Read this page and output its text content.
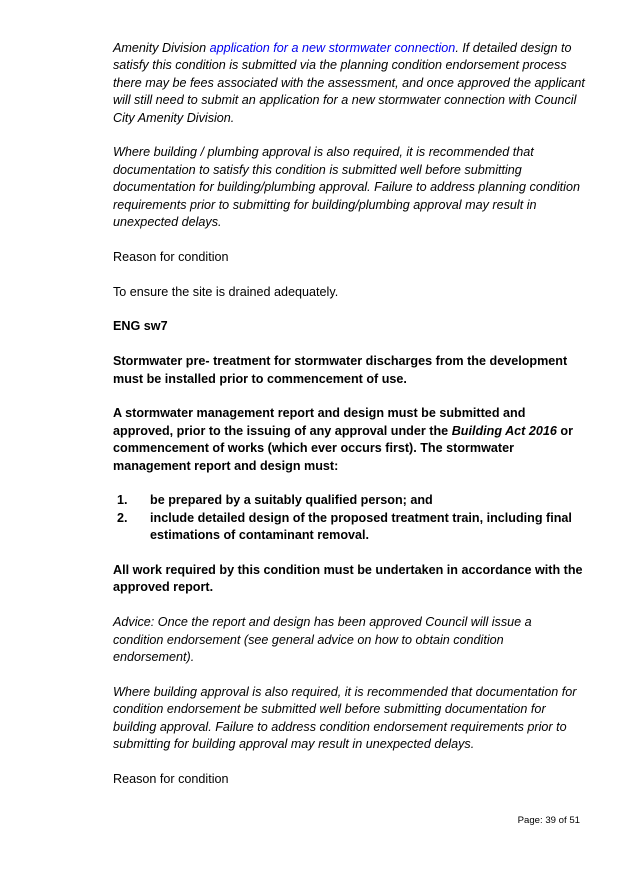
Amenity Division application for a new stormwater connection. If detailed design to satisfy this condition is submitted via the planning condition endorsement process there may be fees associated with the assessment, and once approved the applicant will still need to submit an application for a new stormwater connection with Council City Amenity Division.

Where building / plumbing approval is also required, it is recommended that documentation to satisfy this condition is submitted well before submitting documentation for building/plumbing approval. Failure to address planning condition requirements prior to submitting for building/plumbing approval may result in unexpected delays.

Reason for condition

To ensure the site is drained adequately.

ENG sw7

Stormwater pre- treatment for stormwater discharges from the development must be installed prior to commencement of use.

A stormwater management report and design must be submitted and approved, prior to the issuing of any approval under the Building Act 2016 or commencement of works (which ever occurs first). The stormwater management report and design must:

1. be prepared by a suitably qualified person; and
2. include detailed design of the proposed treatment train, including final estimations of contaminant removal.

All work required by this condition must be undertaken in accordance with the approved report.

Advice: Once the report and design has been approved Council will issue a condition endorsement (see general advice on how to obtain condition endorsement).

Where building approval is also required, it is recommended that documentation for condition endorsement be submitted well before submitting documentation for building approval. Failure to address condition endorsement requirements prior to submitting for building approval may result in unexpected delays.

Reason for condition

Page: 39 of 51
